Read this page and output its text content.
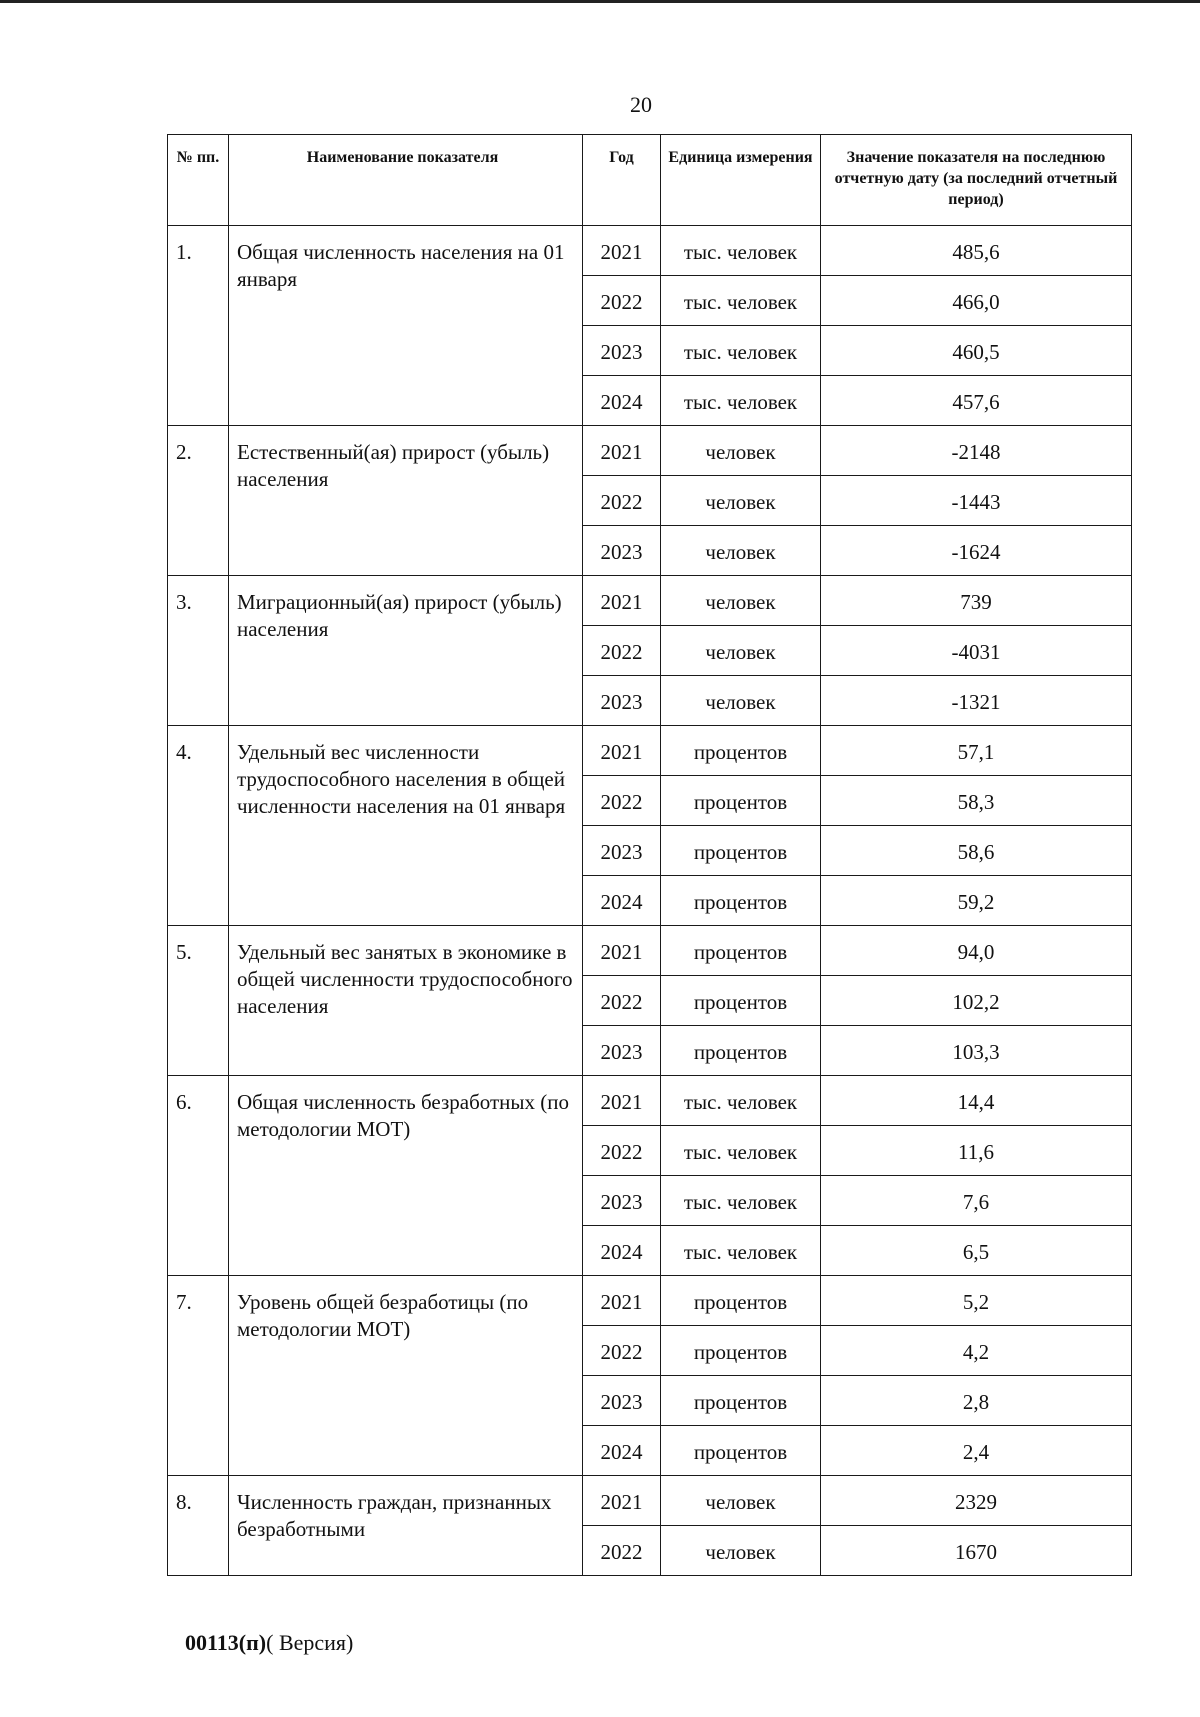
20
№ пп.	Наименование показателя	Год	Единица измерения	Значение показателя на последнюю отчетную дату (за последний отчетный период)
1.	Общая численность населения на 01 января	2021	тыс. человек	485,6
		2022	тыс. человек	466,0
		2023	тыс. человек	460,5
		2024	тыс. человек	457,6
2.	Естественный(ая) прирост (убыль) населения	2021	человек	-2148
		2022	человек	-1443
		2023	человек	-1624
3.	Миграционный(ая) прирост (убыль) населения	2021	человек	739
		2022	человек	-4031
		2023	человек	-1321
4.	Удельный вес численности трудоспособного населения в общей численности населения на 01 января	2021	процентов	57,1
		2022	процентов	58,3
		2023	процентов	58,6
		2024	процентов	59,2
5.	Удельный вес занятых в экономике в общей численности трудоспособного населения	2021	процентов	94,0
		2022	процентов	102,2
		2023	процентов	103,3
6.	Общая численность безработных (по методологии МОТ)	2021	тыс. человек	14,4
		2022	тыс. человек	11,6
		2023	тыс. человек	7,6
		2024	тыс. человек	6,5
7.	Уровень общей безработицы (по методологии МОТ)	2021	процентов	5,2
		2022	процентов	4,2
		2023	процентов	2,8
		2024	процентов	2,4
8.	Численность граждан, признанных безработными	2021	человек	2329
		2022	человек	1670
00113(п)( Версия)
